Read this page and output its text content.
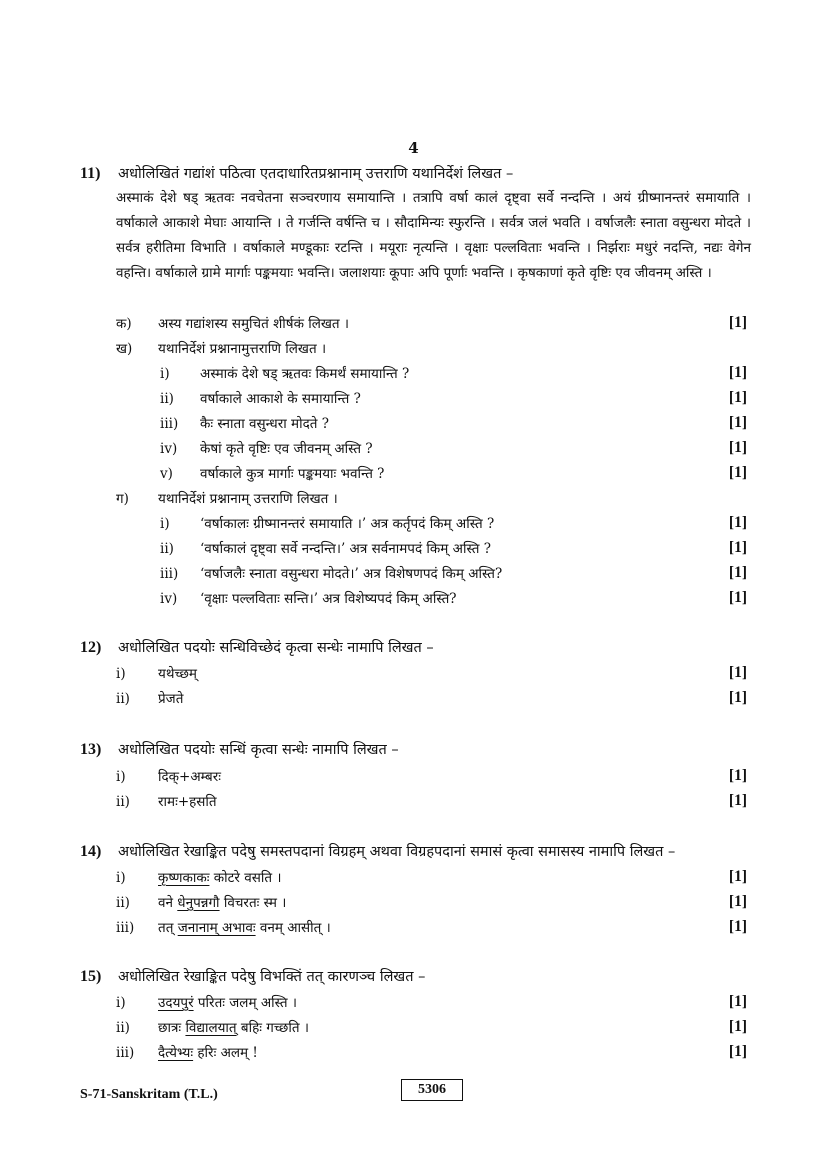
4
11)	अधोलिखितं गद्यांशं पठित्वा एतदाधारितप्रश्नानाम् उत्तराणि यथानिर्देशं लिखत –
अस्माकं देशे षड् ऋतवः नवचेतना सञ्चरणाय समायान्ति । तत्रापि वर्षा कालं दृष्ट्वा सर्वे नन्दन्ति । अयं ग्रीष्मानन्तरं समायाति । वर्षाकाले आकाशे मेघाः आयान्ति । ते गर्जन्ति वर्षन्ति च । सौदामिन्यः स्फुरन्ति । सर्वत्र जलं भवति । वर्षाजलैः स्नाता वसुन्धरा मोदते । सर्वत्र हरीतिमा विभाति । वर्षाकाले मण्डूकाः रटन्ति । मयूराः नृत्यन्ति । वृक्षाः पल्लविताः भवन्ति । निर्झराः मधुरं नदन्ति, नद्यः वेगेन वहन्ति। वर्षाकाले ग्रामे मार्गाः पङ्कमयाः भवन्ति। जलाशयाः कूपाः अपि पूर्णाः भवन्ति । कृषकाणां कृते वृष्टिः एव जीवनम् अस्ति ।
क)	अस्य गद्यांशस्य समुचितं शीर्षकं लिखत ।	[1]
ख)	यथानिर्देशं प्रश्नानामुत्तराणि लिखत ।
i)	अस्माकं देशे षड् ऋतवः किमर्थं समायान्ति ?	[1]
ii)	वर्षाकाले आकाशे के समायान्ति ?	[1]
iii)	कैः स्नाता वसुन्धरा मोदते ?	[1]
iv)	केषां कृते वृष्टिः एव जीवनम् अस्ति ?	[1]
v)	वर्षाकाले कुत्र मार्गाः पङ्कमयाः भवन्ति ?	[1]
ग)	यथानिर्देशं प्रश्नानाम् उत्तराणि लिखत ।
i)	‘वर्षाकालः ग्रीष्मानन्तरं समायाति ।’ अत्र कर्तृपदं किम् अस्ति ?	[1]
ii)	‘वर्षाकालं दृष्ट्वा सर्वे नन्दन्ति।’ अत्र सर्वनामपदं किम् अस्ति ?	[1]
iii)	‘वर्षाजलैः स्नाता वसुन्धरा मोदते।’ अत्र विशेषणपदं किम् अस्ति?	[1]
iv)	‘वृक्षाः पल्लविताः सन्ति।’ अत्र विशेष्यपदं किम् अस्ति?	[1]
12)	अधोलिखित पदयोः सन्धिविच्छेदं कृत्वा सन्धेः नामापि लिखत –
i)	यथेच्छम्	[1]
ii)	प्रेजते	[1]
13)	अधोलिखित पदयोः सन्धिं कृत्वा सन्धेः नामापि लिखत –
i)	दिक्+अम्बरः	[1]
ii)	रामः+हसति	[1]
14)	अधोलिखित रेखाङ्कित पदेषु समस्तपदानां विग्रहम् अथवा विग्रहपदानां समासं कृत्वा समासस्य नामापि लिखत –
i)	कृष्णकाकः कोटरे वसति ।	[1]
ii)	वने धेनुपन्नगौ विचरतः स्म ।	[1]
iii)	तत् जनानाम् अभावः वनम् आसीत् ।	[1]
15)	अधोलिखित रेखाङ्कित पदेषु विभक्तिं तत् कारणञ्च लिखत –
i)	उदयपुरं परितः जलम् अस्ति ।	[1]
ii)	छात्रः विद्यालयात् बहिः गच्छति ।	[1]
iii)	दैत्येभ्यः हरिः अलम् !	[1]
S-71-Sanskritam (T.L.)	5306
